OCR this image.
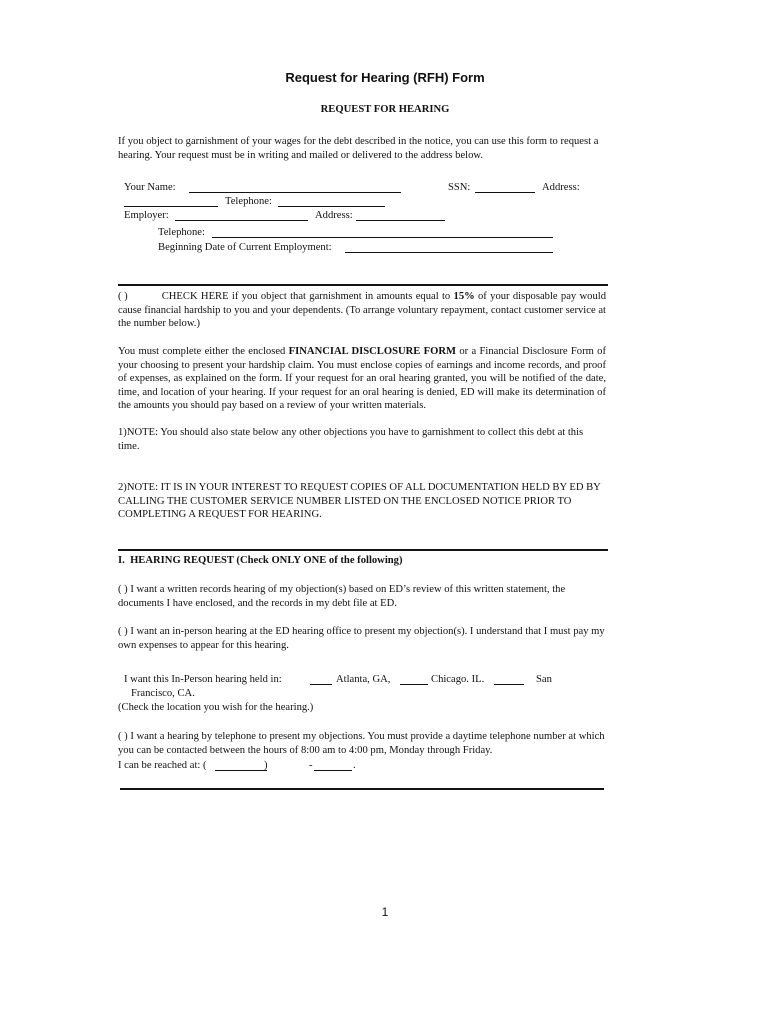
Request for Hearing (RFH) Form
REQUEST FOR HEARING
If you object to garnishment of your wages for the debt described in the notice, you can use this form to request a hearing. Your request must be in writing and mailed or delivered to the address below.
Your Name:	SSN:	Address:
Telephone:
Employer:	Address:
Telephone:
Beginning Date of Current Employment:
( )	CHECK HERE if you object that garnishment in amounts equal to 15% of your disposable pay would cause financial hardship to you and your dependents. (To arrange voluntary repayment, contact customer service at the number below.)
You must complete either the enclosed FINANCIAL DISCLOSURE FORM or a Financial Disclosure Form of your choosing to present your hardship claim. You must enclose copies of earnings and income records, and proof of expenses, as explained on the form. If your request for an oral hearing granted, you will be notified of the date, time, and location of your hearing. If your request for an oral hearing is denied, ED will make its determination of the amounts you should pay based on a review of your written materials.
1)NOTE: You should also state below any other objections you have to garnishment to collect this debt at this time.
2)NOTE: IT IS IN YOUR INTEREST TO REQUEST COPIES OF ALL DOCUMENTATION HELD BY ED BY CALLING THE CUSTOMER SERVICE NUMBER LISTED ON THE ENCLOSED NOTICE PRIOR TO COMPLETING A REQUEST FOR HEARING.
I.  HEARING REQUEST (Check ONLY ONE of the following)
( ) I want a written records hearing of my objection(s) based on ED’s review of this written statement, the documents I have enclosed, and the records in my debt file at ED.
( ) I want an in-person hearing at the ED hearing office to present my objection(s). I understand that I must pay my own expenses to appear for this hearing.
I want this In-Person hearing held in:	Atlanta, GA,	Chicago. IL.	San
Francisco, CA.
(Check the location you wish for the hearing.)
( ) I want a hearing by telephone to present my objections. You must provide a daytime telephone number at which you can be contacted between the hours of 8:00 am to 4:00 pm, Monday through Friday.
I can be reached at: (	)	-	.
1
